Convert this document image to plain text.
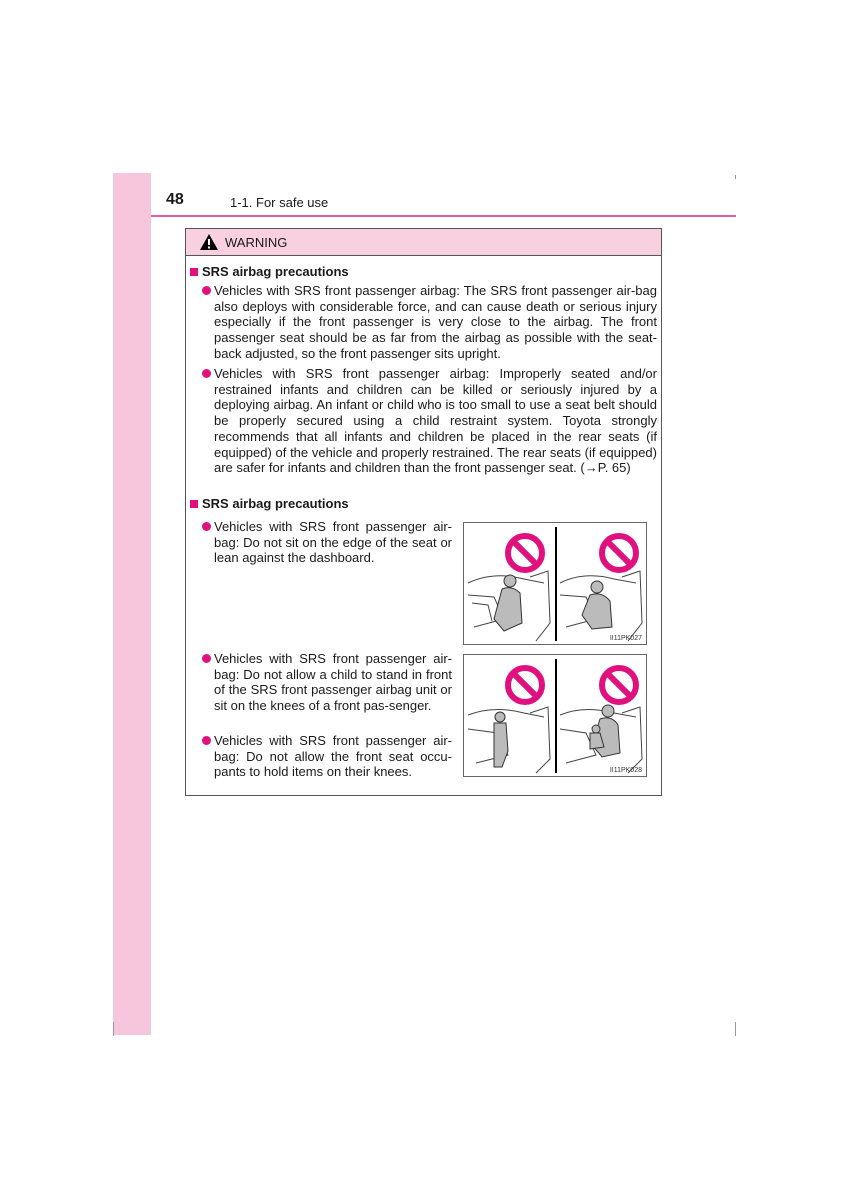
48	1-1. For safe use
WARNING
SRS airbag precautions
Vehicles with SRS front passenger airbag: The SRS front passenger air-bag also deploys with considerable force, and can cause death or serious injury especially if the front passenger is very close to the airbag. The front passenger seat should be as far from the airbag as possible with the seat-back adjusted, so the front passenger sits upright.
Vehicles with SRS front passenger airbag: Improperly seated and/or restrained infants and children can be killed or seriously injured by a deploying airbag. An infant or child who is too small to use a seat belt should be properly secured using a child restraint system. Toyota strongly recommends that all infants and children be placed in the rear seats (if equipped) of the vehicle and properly restrained. The rear seats (if equipped) are safer for infants and children than the front passenger seat. (→P. 65)
SRS airbag precautions
Vehicles with SRS front passenger air-bag: Do not sit on the edge of the seat or lean against the dashboard.
Vehicles with SRS front passenger air-bag: Do not allow a child to stand in front of the SRS front passenger airbag unit or sit on the knees of a front pas-senger.
Vehicles with SRS front passenger air-bag: Do not allow the front seat occu-pants to hold items on their knees.
II11PK027
II11PK028
